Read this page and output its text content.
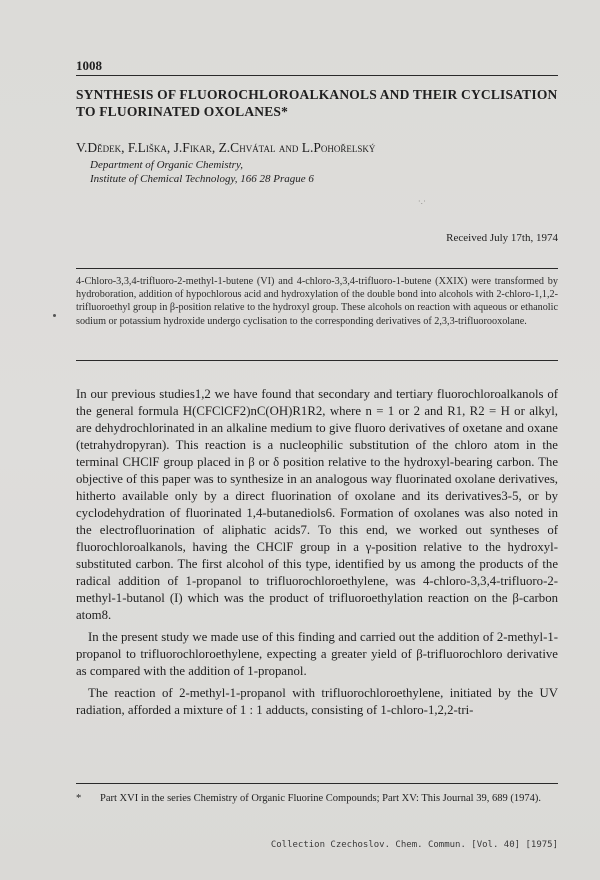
1008
SYNTHESIS OF FLUOROCHLOROALKANOLS AND THEIR CYCLISATION TO FLUORINATED OXOLANES*
V.Dědek, F.Liška, J.Fikar, Z.Chvátal and L.Pohořelský
Department of Organic Chemistry,
Institute of Chemical Technology, 166 28 Prague 6
·.·
Received July 17th, 1974
4-Chloro-3,3,4-trifluoro-2-methyl-1-butene (VI) and 4-chloro-3,3,4-trifluoro-1-butene (XXIX) were transformed by hydroboration, addition of hypochlorous acid and hydroxylation of the double bond into alcohols with 2-chloro-1,1,2-trifluoroethyl group in β-position relative to the hydroxyl group. These alcohols on reaction with aqueous or ethanolic sodium or potassium hydroxide undergo cyclisation to the corresponding derivatives of 2,3,3-trifluorooxolane.

In our previous studies1,2 we have found that secondary and tertiary fluorochloroalkanols of the general formula H(CFClCF2)nC(OH)R1R2, where n = 1 or 2 and R1, R2 = H or alkyl, are dehydrochlorinated in an alkaline medium to give fluoro derivatives of oxetane and oxane (tetrahydropyran). This reaction is a nucleophilic substitution of the chloro atom in the terminal CHClF group placed in β or δ position relative to the hydroxyl-bearing carbon. The objective of this paper was to synthesize in an analogous way fluorinated oxolane derivatives, hitherto available only by a direct fluorination of oxolane and its derivatives3-5, or by cyclodehydration of fluorinated 1,4-butanediols6. Formation of oxolanes was also noted in the electrofluorination of aliphatic acids7. To this end, we worked out syntheses of fluorochloroalkanols, having the CHClF group in a γ-position relative to the hydroxyl-substituted carbon. The first alcohol of this type, identified by us among the products of the radical addition of 1-propanol to trifluorochloroethylene, was 4-chloro-3,3,4-trifluoro-2-methyl-1-butanol (I) which was the product of trifluoroethylation reaction on the β-carbon atom8.

In the present study we made use of this finding and carried out the addition of 2-methyl-1-propanol to trifluorochloroethylene, expecting a greater yield of β-trifluorochloro derivative as compared with the addition of 1-propanol.

The reaction of 2-methyl-1-propanol with trifluorochloroethylene, initiated by the UV radiation, afforded a mixture of 1 : 1 adducts, consisting of 1-chloro-1,2,2-tri-

* Part XVI in the series Chemistry of Organic Fluorine Compounds; Part XV: This Journal 39, 689 (1974).
Collection Czechoslov. Chem. Commun. [Vol. 40] [1975]
